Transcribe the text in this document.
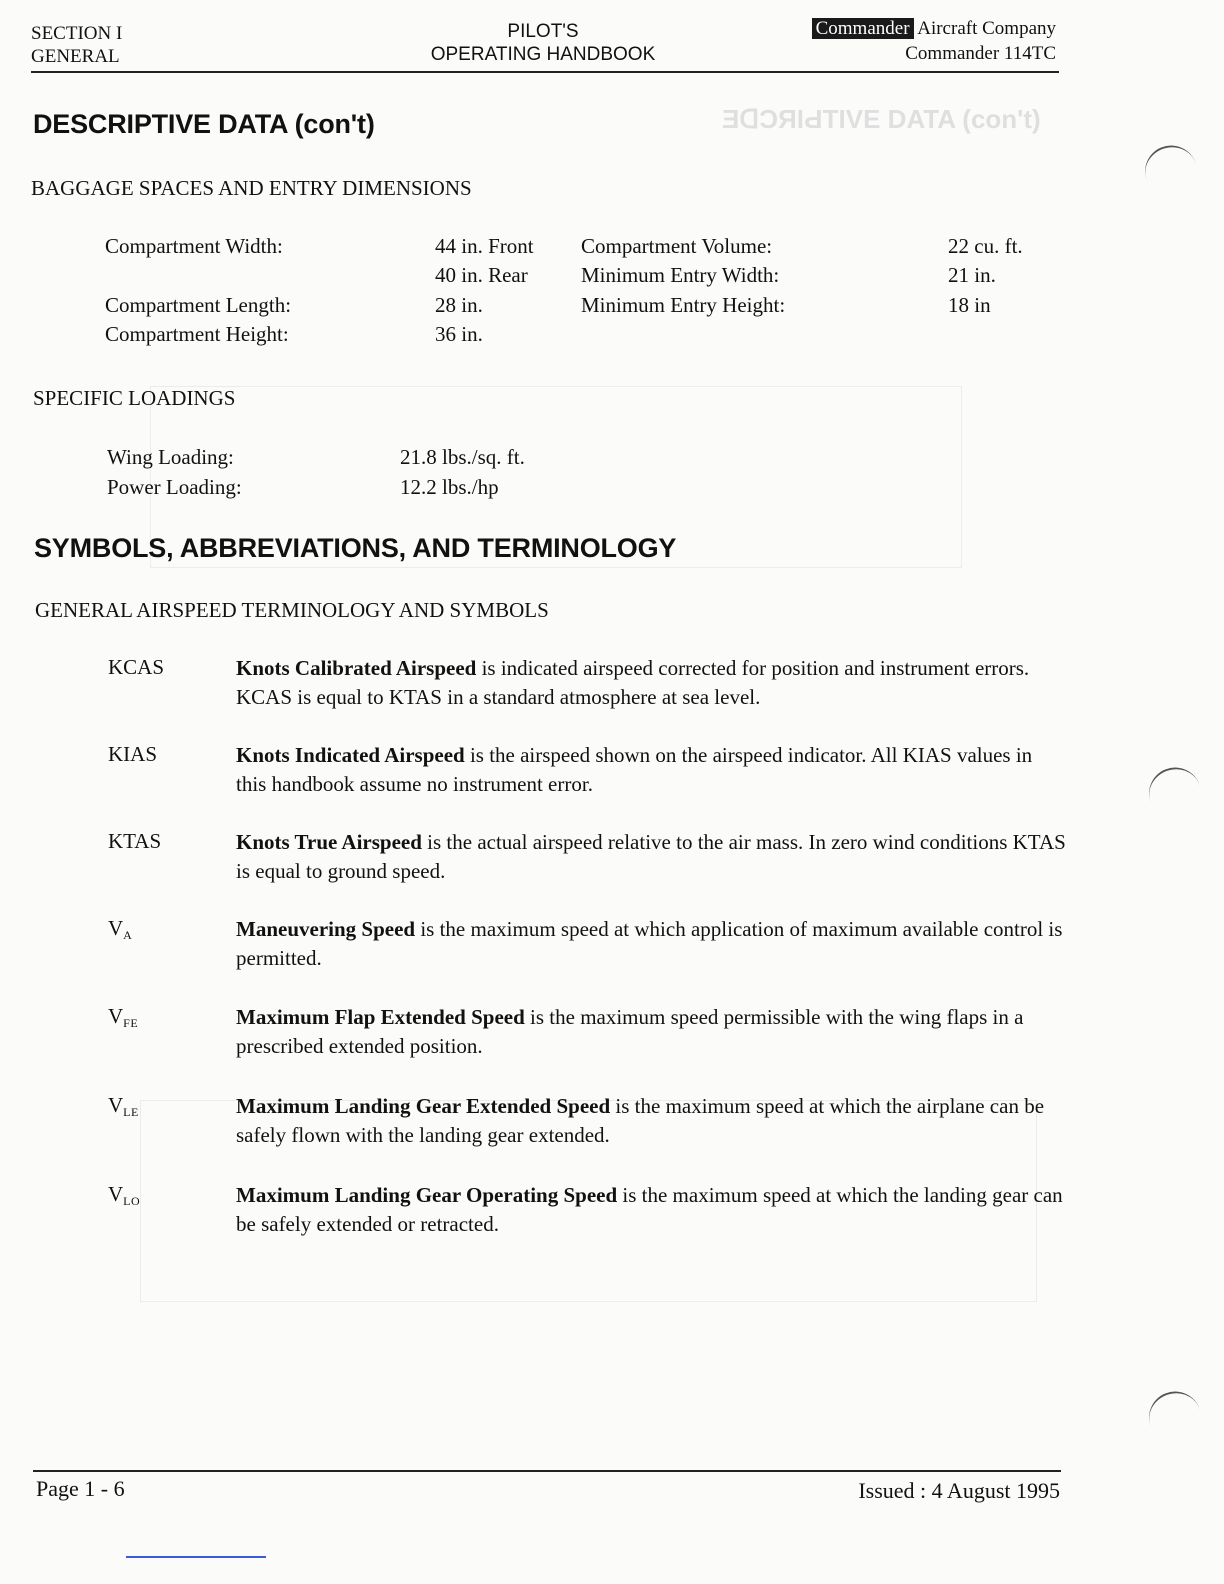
ƎᗡƆЯIԀTIVE DATA (con't)
SECTION I
GENERAL
PILOT'S
OPERATING HANDBOOK
Commander Aircraft Company
Commander 114TC
DESCRIPTIVE DATA (con't)
BAGGAGE SPACES AND ENTRY DIMENSIONS
Compartment Width:	44 in. Front
40 in. Rear
Compartment Length:	28 in.
Compartment Height:	36 in.
Compartment Volume:	22 cu. ft.
Minimum Entry Width:	21 in.
Minimum Entry Height:	18 in
SPECIFIC LOADINGS
Wing Loading:	21.8 lbs./sq. ft.
Power Loading:	12.2 lbs./hp
SYMBOLS, ABBREVIATIONS, AND TERMINOLOGY
GENERAL AIRSPEED TERMINOLOGY AND SYMBOLS
KCAS	Knots Calibrated Airspeed is indicated airspeed corrected for position and instrument errors. KCAS is equal to KTAS in a standard atmosphere at sea level.
KIAS	Knots Indicated Airspeed is the airspeed shown on the airspeed indicator. All KIAS values in this handbook assume no instrument error.
KTAS	Knots True Airspeed is the actual airspeed relative to the air mass. In zero wind conditions KTAS is equal to ground speed.
$V_A$	Maneuvering Speed is the maximum speed at which application of maximum available control is permitted.
$V_{FE}$	Maximum Flap Extended Speed is the maximum speed permissible with the wing flaps in a prescribed extended position.
$V_{LE}$	Maximum Landing Gear Extended Speed is the maximum speed at which the airplane can be safely flown with the landing gear extended.
$V_{LO}$	Maximum Landing Gear Operating Speed is the maximum speed at which the landing gear can be safely extended or retracted.
Page 1 - 6	Issued : 4 August 1995
